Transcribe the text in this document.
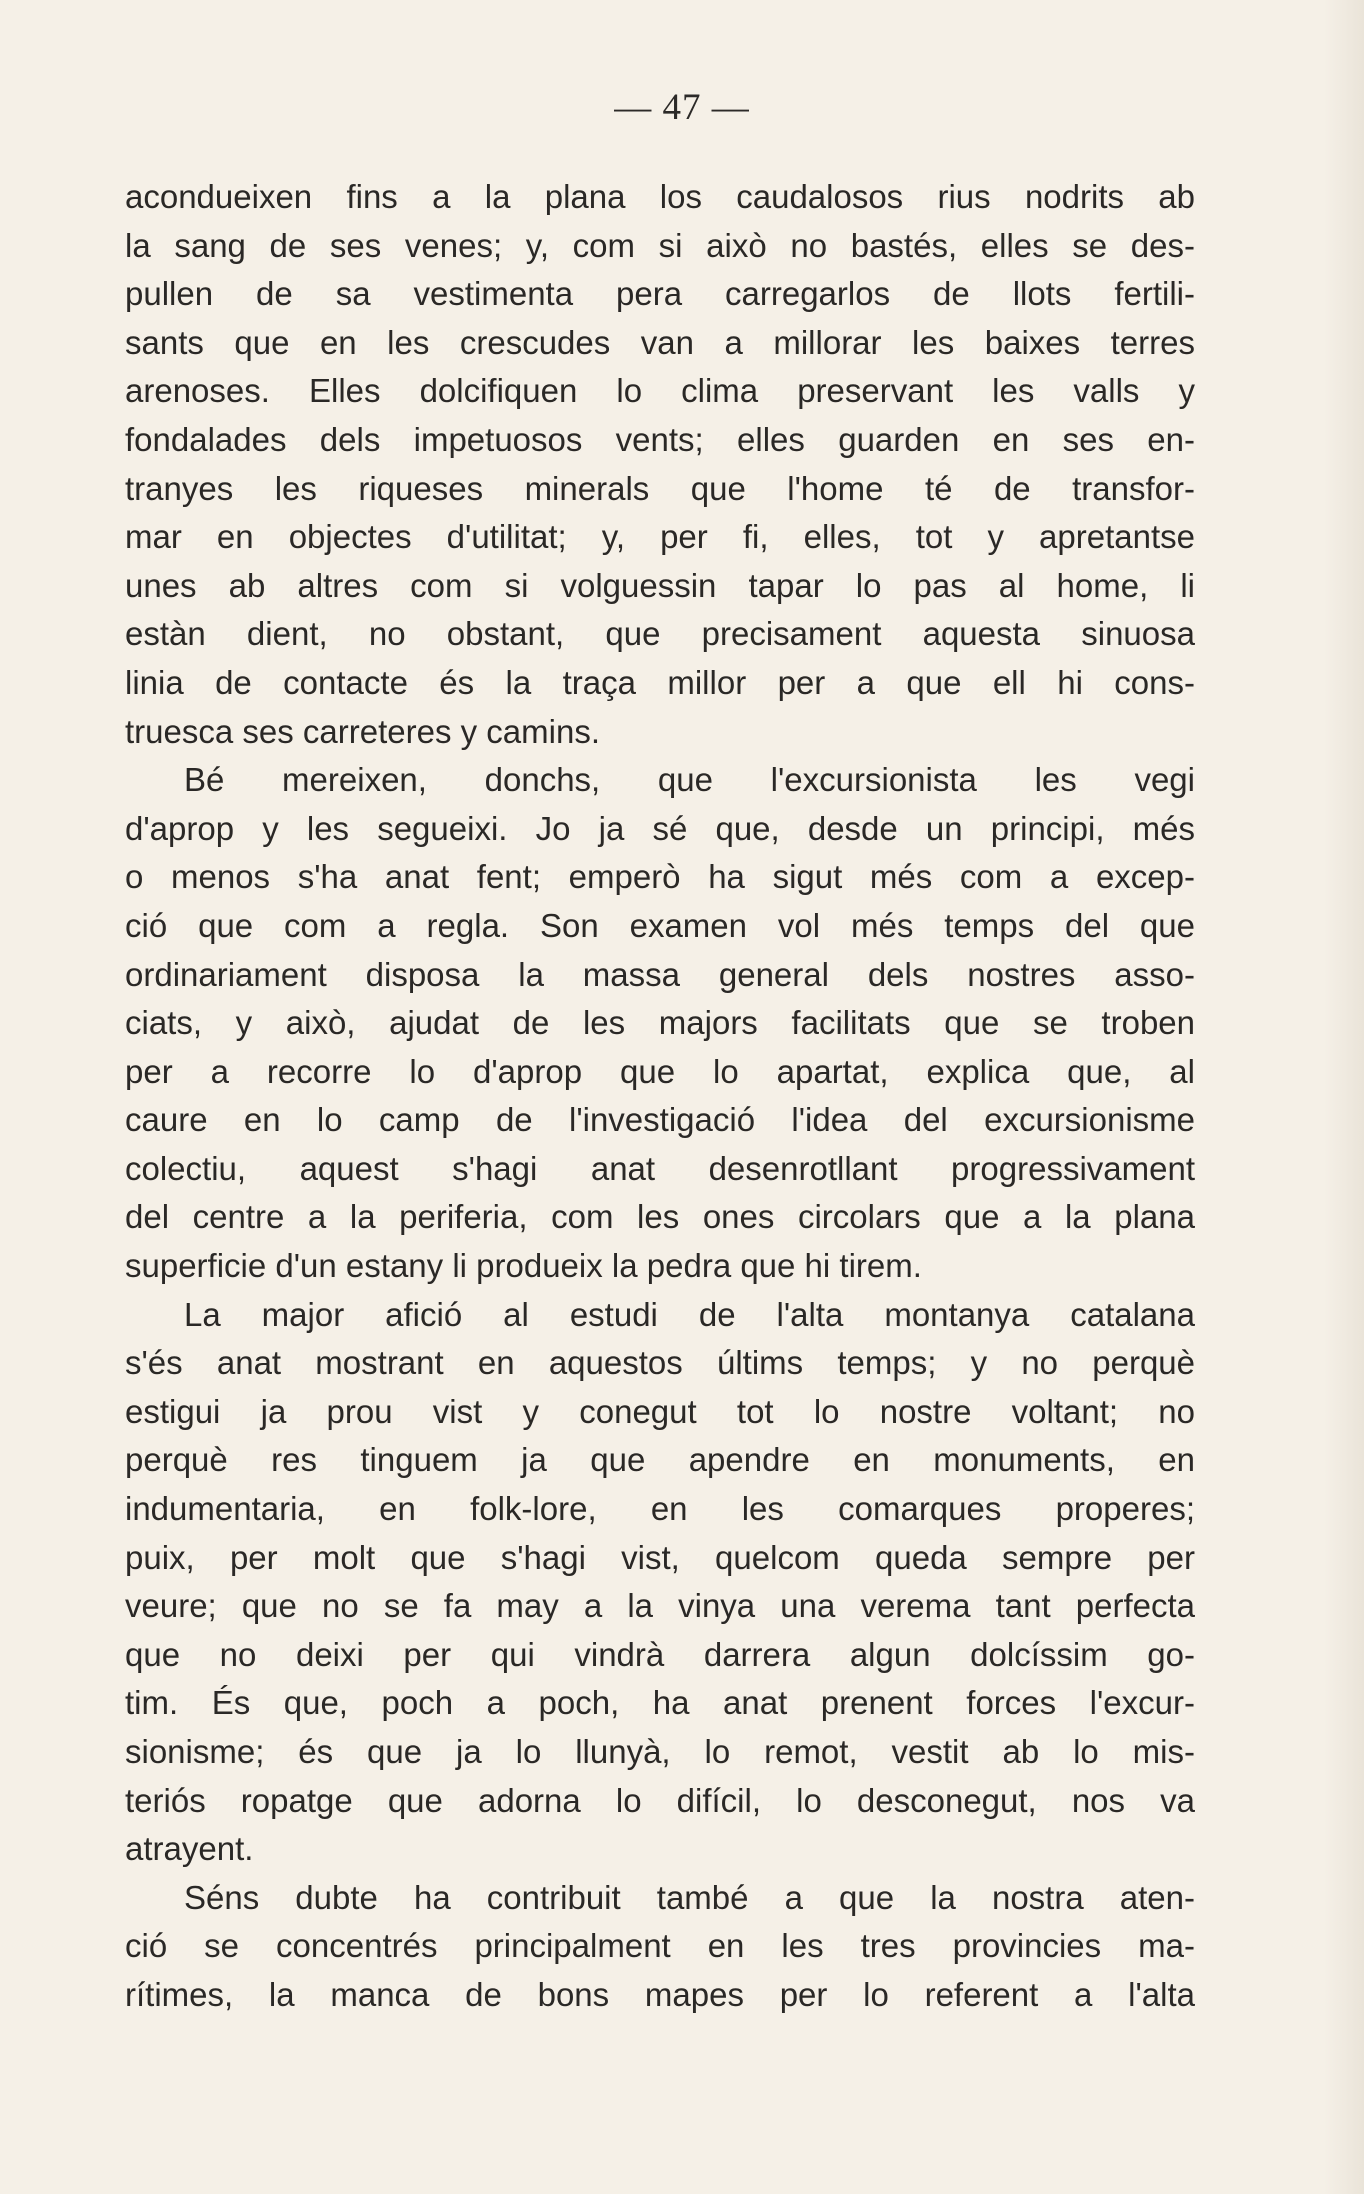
— 47 —
acondueixen fins a la plana los caudalosos rius nodrits ab
la sang de ses venes; y, com si això no bastés, elles se des-
pullen de sa vestimenta pera carregarlos de llots fertili-
sants que en les crescudes van a millorar les baixes terres
arenoses. Elles dolcifiquen lo clima preservant les valls y
fondalades dels impetuosos vents; elles guarden en ses en-
tranyes les riqueses minerals que l'home té de transfor-
mar en objectes d'utilitat; y, per fi, elles, tot y apretantse
unes ab altres com si volguessin tapar lo pas al home, li
estàn dient, no obstant, que precisament aquesta sinuosa
linia de contacte és la traça millor per a que ell hi cons-
truesca ses carreteres y camins.
Bé mereixen, donchs, que l'excursionista les vegi
d'aprop y les segueixi. Jo ja sé que, desde un principi, més
o menos s'ha anat fent; emperò ha sigut més com a excep-
ció que com a regla. Son examen vol més temps del que
ordinariament disposa la massa general dels nostres asso-
ciats, y això, ajudat de les majors facilitats que se troben
per a recorre lo d'aprop que lo apartat, explica que, al
caure en lo camp de l'investigació l'idea del excursionisme
colectiu, aquest s'hagi anat desenrotllant progressivament
del centre a la periferia, com les ones circolars que a la plana
superficie d'un estany li produeix la pedra que hi tirem.
La major afició al estudi de l'alta montanya catalana
s'és anat mostrant en aquestos últims temps; y no perquè
estigui ja prou vist y conegut tot lo nostre voltant; no
perquè res tinguem ja que apendre en monuments, en
indumentaria, en folk-lore, en les comarques properes;
puix, per molt que s'hagi vist, quelcom queda sempre per
veure; que no se fa may a la vinya una verema tant perfecta
que no deixi per qui vindrà darrera algun dolcíssim go-
tim. És que, poch a poch, ha anat prenent forces l'excur-
sionisme; és que ja lo llunyà, lo remot, vestit ab lo mis-
teriós ropatge que adorna lo difícil, lo desconegut, nos va
atrayent.
Séns dubte ha contribuit també a que la nostra aten-
ció se concentrés principalment en les tres provincies ma-
rítimes, la manca de bons mapes per lo referent a l'alta
